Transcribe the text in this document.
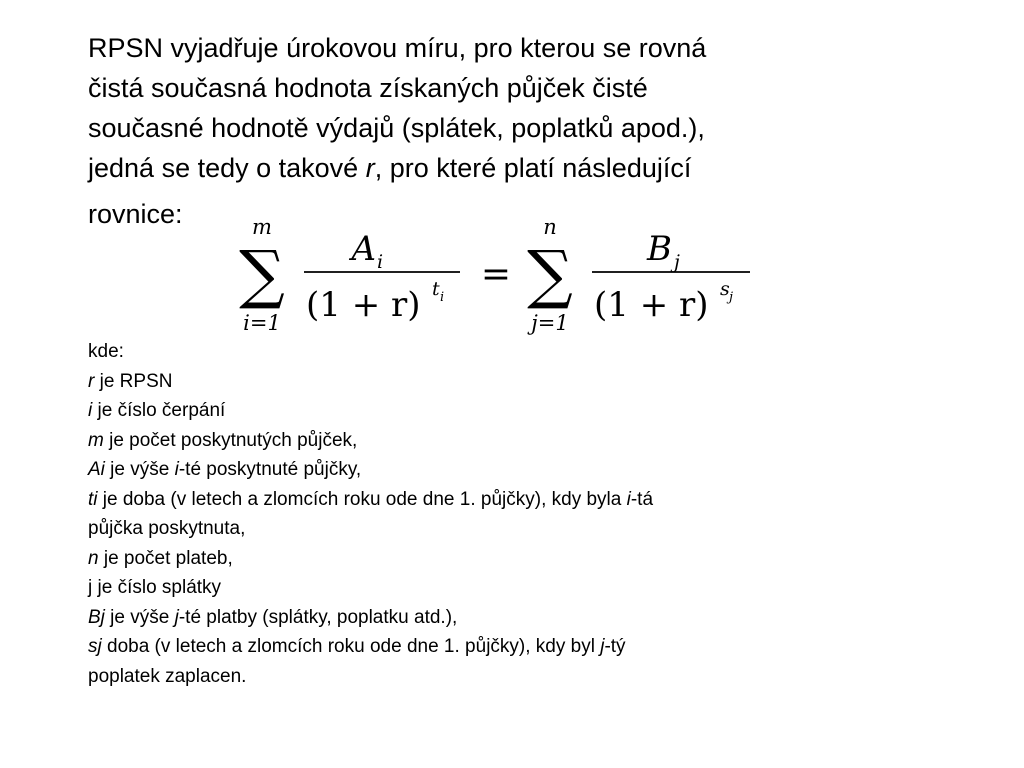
RPSN vyjadřuje úrokovou míru, pro kterou se rovná
čistá současná hodnota získaných půjček čisté
současné hodnotě výdajů (splátek, poplatků apod.),
jedná se tedy o takové r, pro které platí následující

rovnice:	m
∑
i=1
A i
(1 + r) t i
=
n
∑
j=1
B j
(1 + r) s j
kde:
r je RPSN
i je číslo čerpání
m je počet poskytnutých půjček,
Ai je výše i-té poskytnuté půjčky,
ti je doba (v letech a zlomcích roku ode dne 1. půjčky), kdy byla i-tá
půjčka poskytnuta,
n je počet plateb,
j je číslo splátky
Bj je výše j-té platby (splátky, poplatku atd.),
sj doba (v letech a zlomcích roku ode dne 1. půjčky), kdy byl j-tý
poplatek zaplacen.
